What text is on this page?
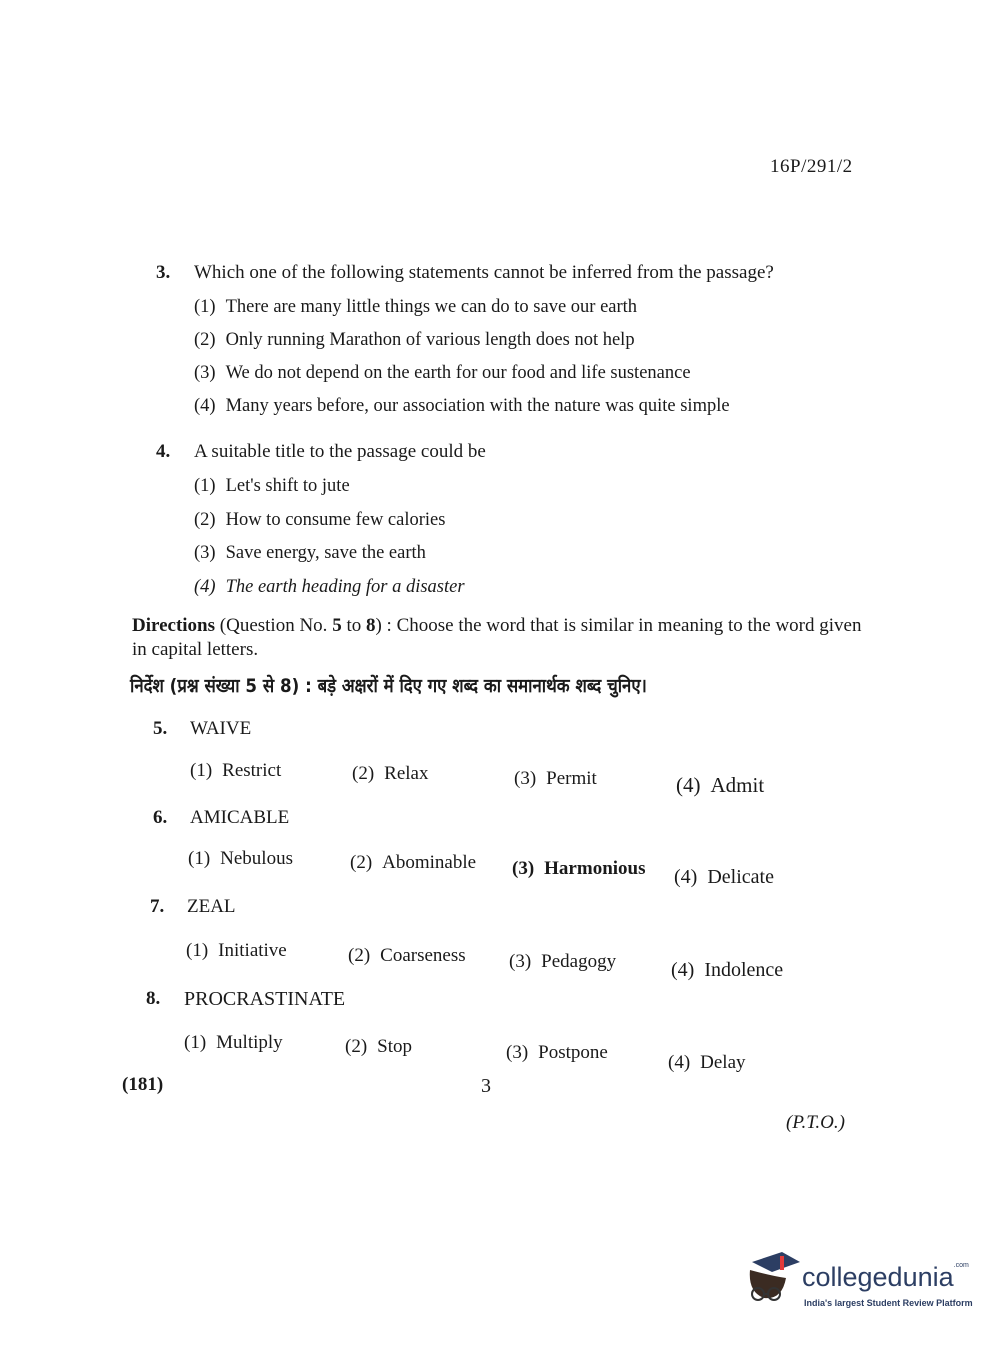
16P/291/2
3. Which one of the following statements cannot be inferred from the passage?
(1) There are many little things we can do to save our earth
(2) Only running Marathon of various length does not help
(3) We do not depend on the earth for our food and life sustenance
(4) Many years before, our association with the nature was quite simple
4. A suitable title to the passage could be
(1) Let's shift to jute
(2) How to consume few calories
(3) Save energy, save the earth
(4) The earth heading for a disaster
Directions (Question No. 5 to 8) : Choose the word that is similar in meaning to the word given in capital letters.
निर्देश (प्रश्न संख्या 5 से 8) : बड़े अक्षरों में दिए गए शब्द का समानार्थक शब्द चुनिए।
5. WAIVE
(1) Restrict	(2) Relax	(3) Permit	(4) Admit
6. AMICABLE
(1) Nebulous	(2) Abominable (3) Harmonious (4) Delicate
7. ZEAL
(1) Initiative	(2) Coarseness (3) Pedagogy	(4) Indolence
8. PROCRASTINATE
(1) Multiply	(2) Stop	(3) Postpone	(4) Delay
(181)	3
(P.T.O.)
collegedunia$^{.com}$
India's largest Student Review Platform
